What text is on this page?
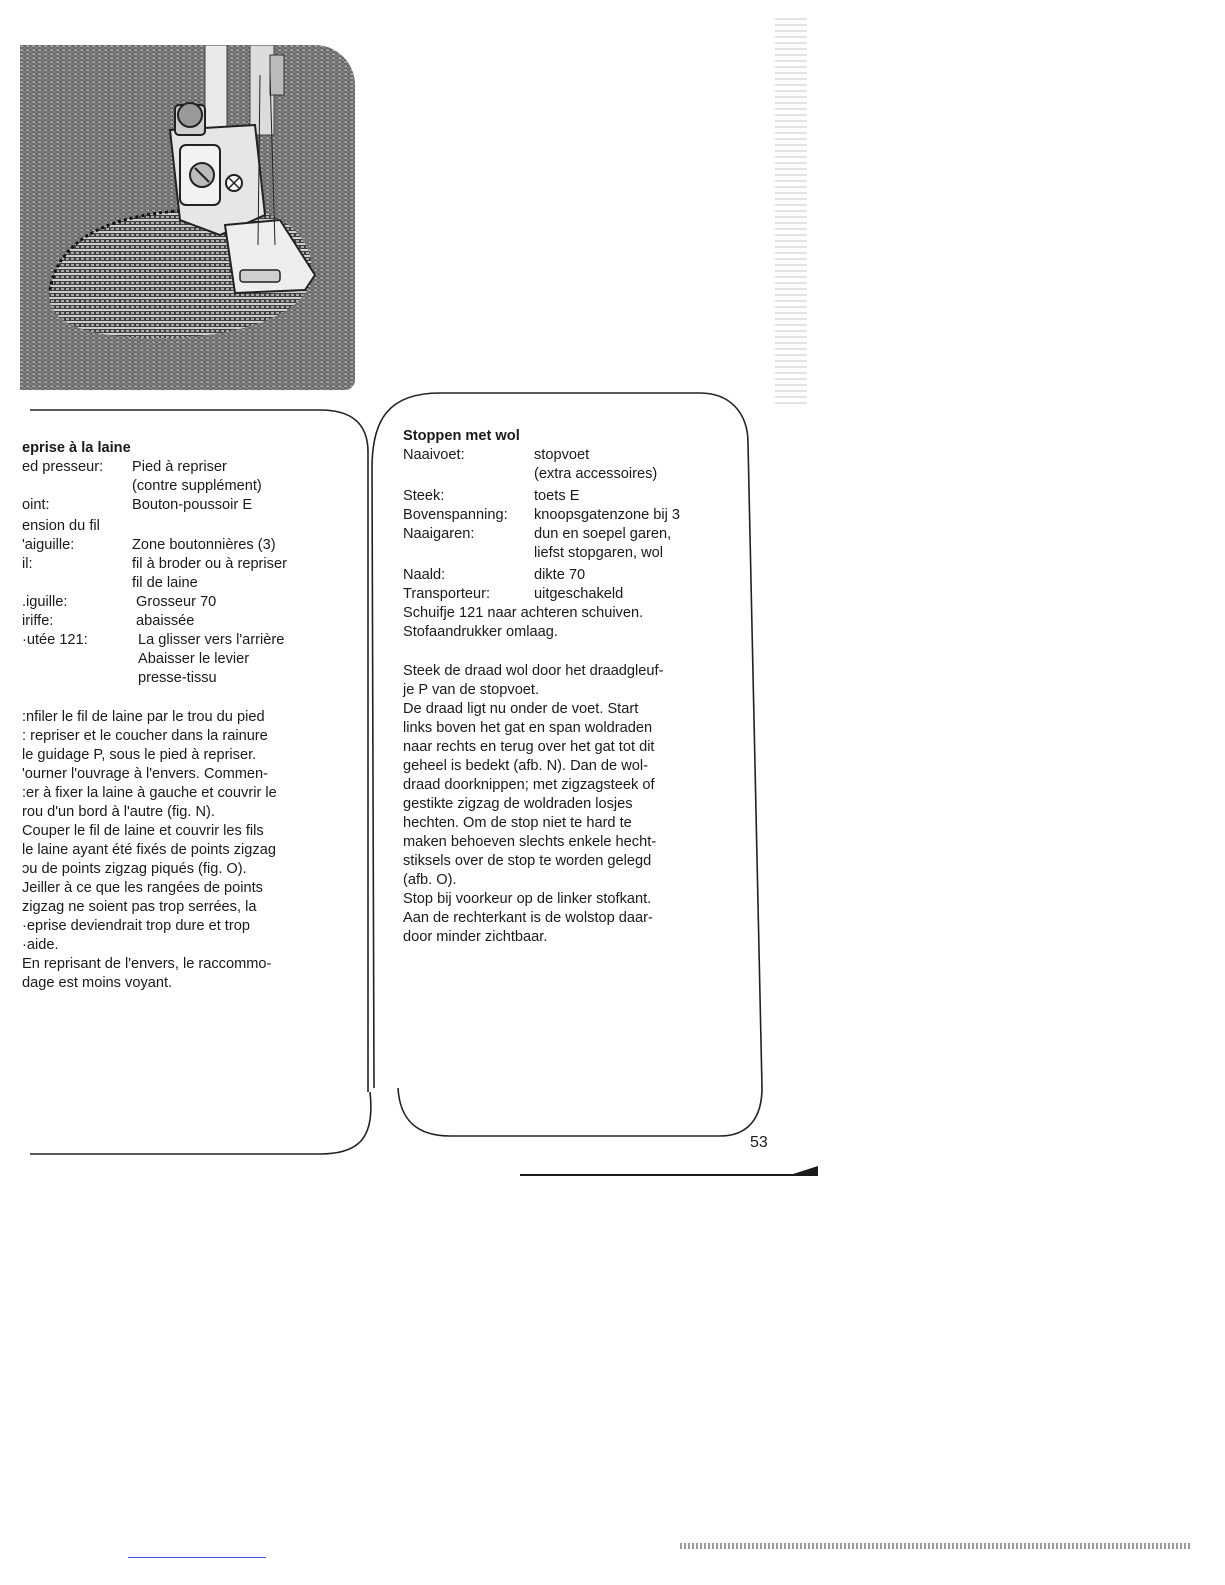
eprise à la laine
ed presseur:	Pied à repriser
(contre supplément)
oint:	Bouton-poussoir E
ension du fil
'aiguille:	Zone boutonnières (3)
il:	fil à broder ou à repriser
fil de laine
.iguille:	Grosseur 70
iriffe:	abaissée
·utée 121:	La glisser vers l'arrière
Abaisser le levier
presse-tissu

:nfiler le fil de laine par le trou du pied

: repriser et le coucher dans la rainure

le guidage P, sous le pied à repriser.

'ourner l'ouvrage à l'envers. Commen-

:er à fixer la laine à gauche et couvrir le

rou d'un bord à l'autre (fig. N).

Couper le fil de laine et couvrir les fils

le laine ayant été fixés de points zigzag

ɔu de points zigzag piqués (fig. O).

Jeiller à ce que les rangées de points

zigzag ne soient pas trop serrées, la

·eprise deviendrait trop dure et trop

·aide.

En reprisant de l'envers, le raccommo-

dage est moins voyant.

Stoppen met wol
Naaivoet:	stopvoet
(extra accessoires)
Steek:	toets E
Bovenspanning:	knoopsgatenzone bij 3
Naaigaren:	dun en soepel garen,
liefst stopgaren, wol
Naald:	dikte 70
Transporteur:	uitgeschakeld

Schuifje 121 naar achteren schuiven.

Stofaandrukker omlaag.

Steek de draad wol door het draadgleuf-

je P van de stopvoet.

De draad ligt nu onder de voet. Start

links boven het gat en span woldraden

naar rechts en terug over het gat tot dit

geheel is bedekt (afb. N). Dan de wol-

draad doorknippen; met zigzagsteek of

gestikte zigzag de woldraden losjes

hechten. Om de stop niet te hard te

maken behoeven slechts enkele hecht-

stiksels over de stop te worden gelegd

(afb. O).

Stop bij voorkeur op de linker stofkant.

Aan de rechterkant is de wolstop daar-

door minder zichtbaar.

53
